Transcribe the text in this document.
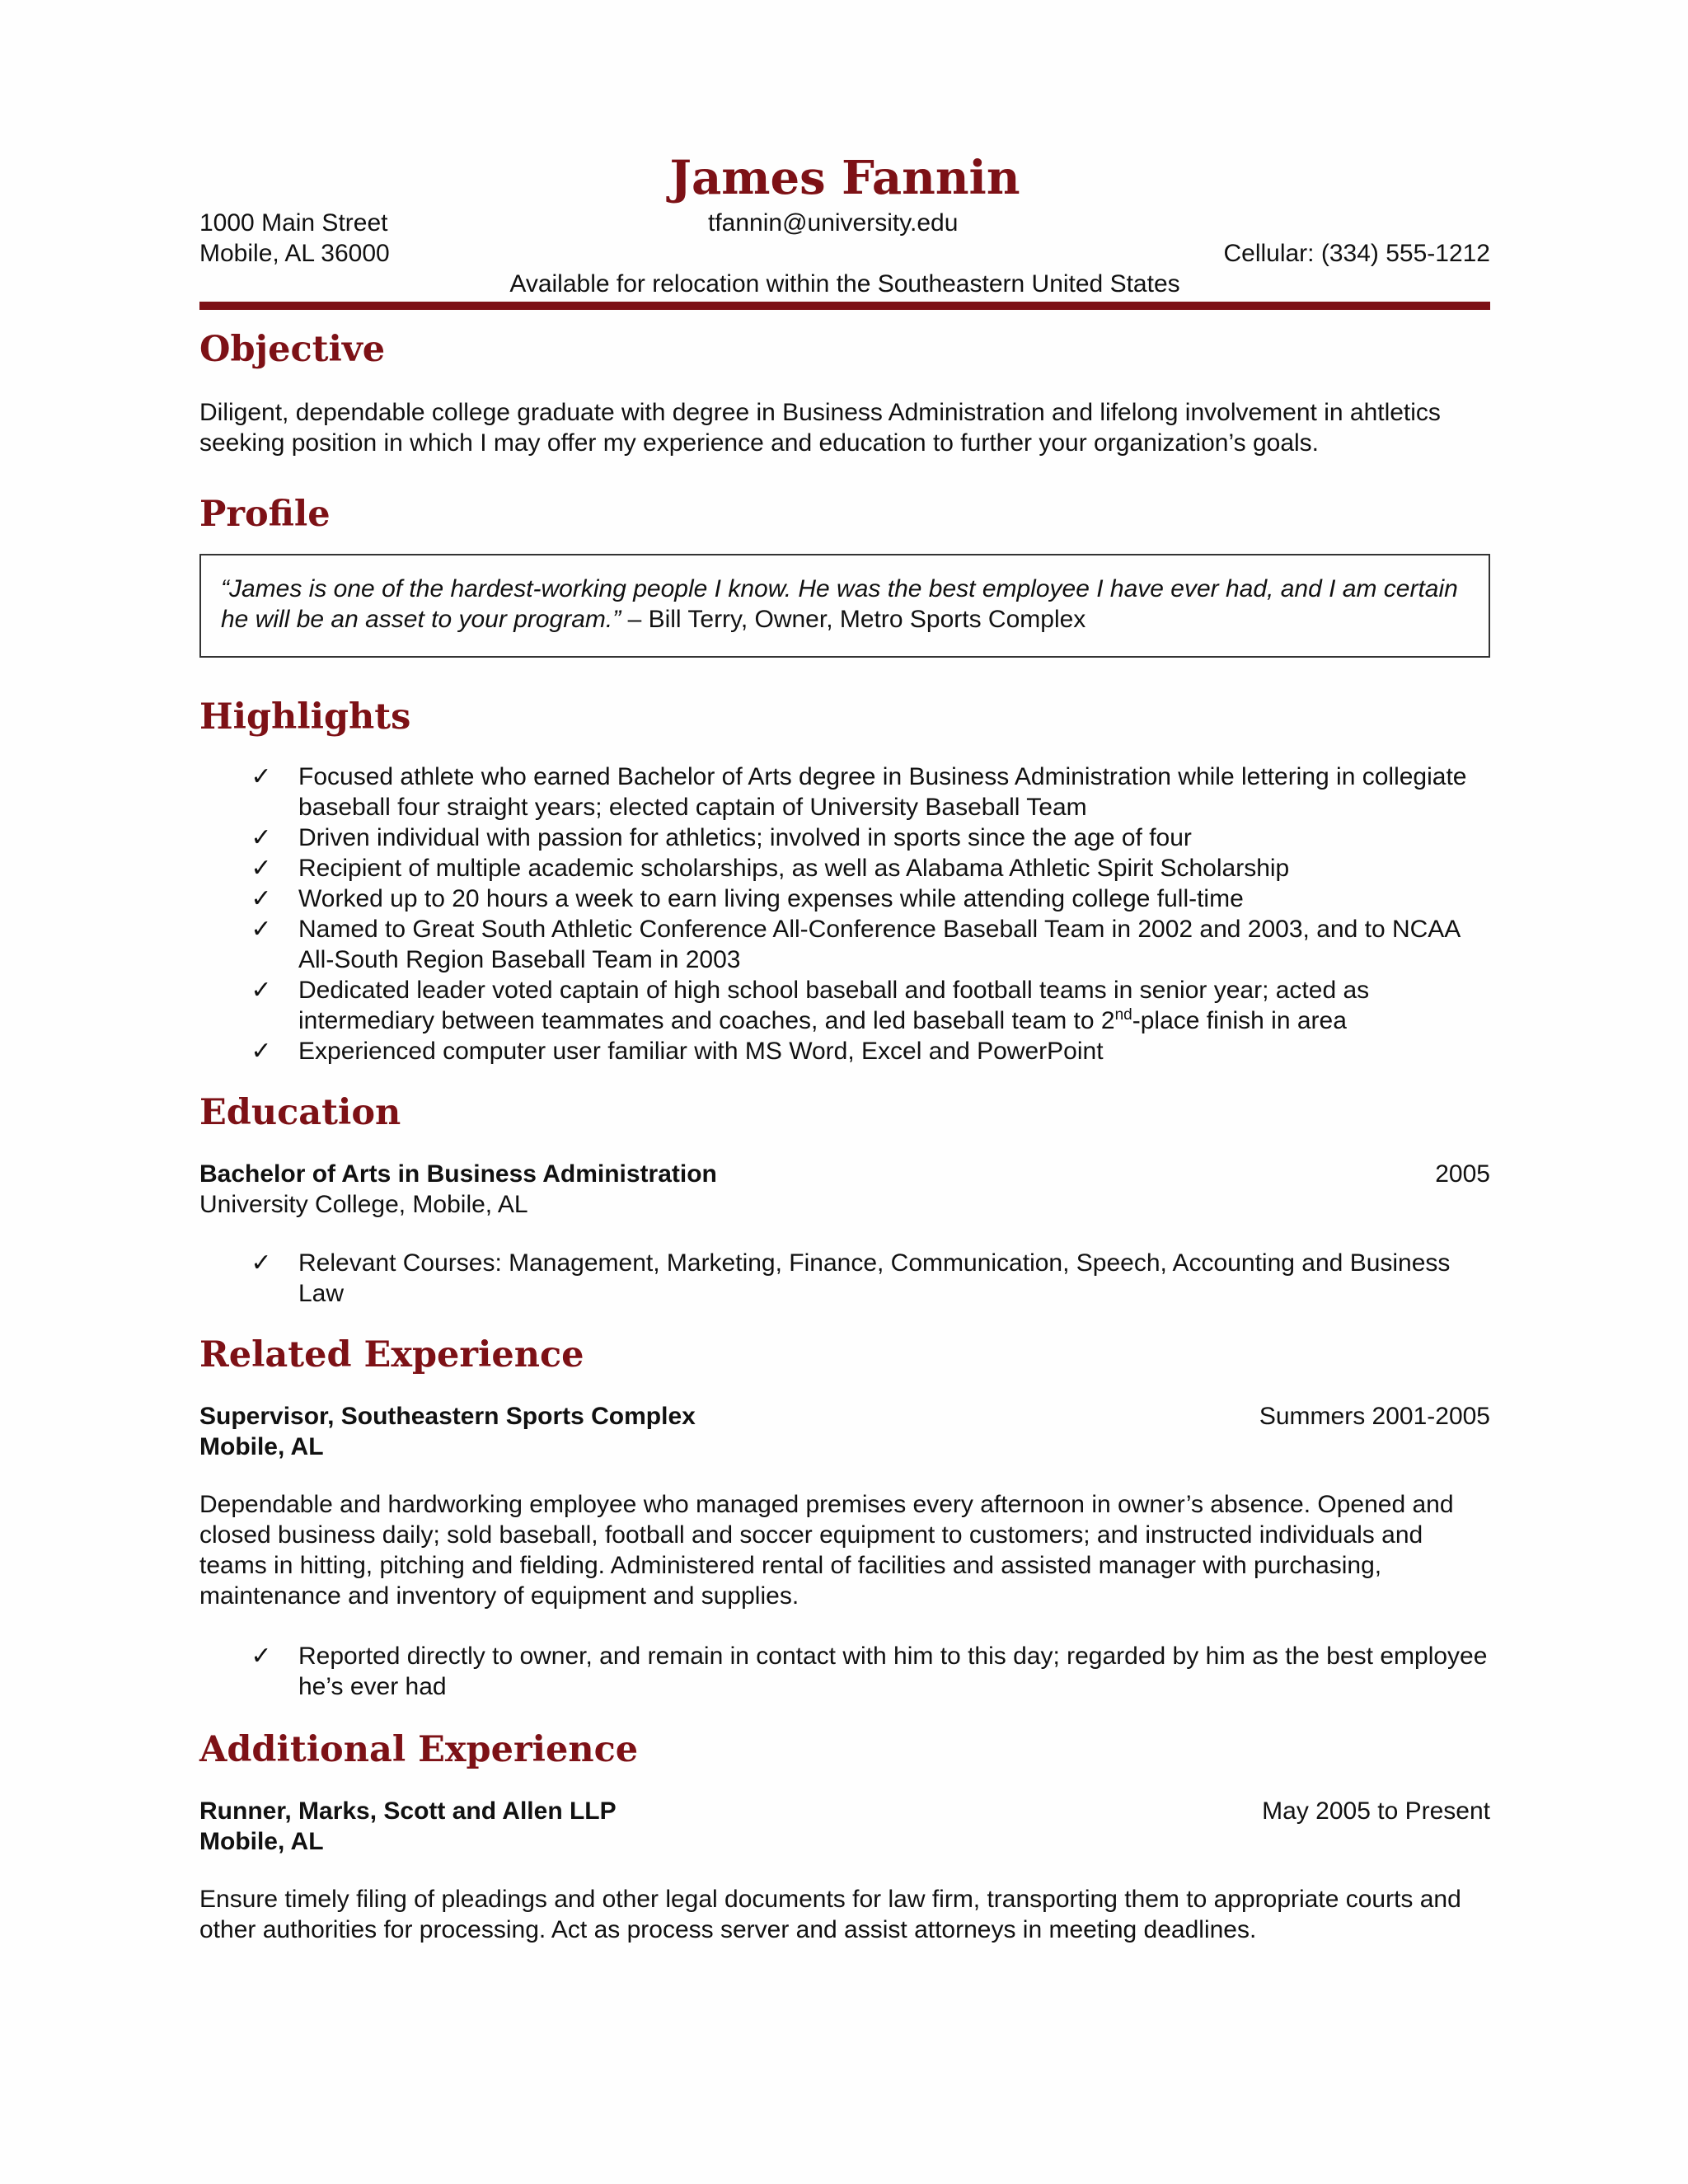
James Fannin
1000 Main Street	tfannin@university.edu
Mobile, AL 36000	Cellular: (334) 555-1212
Available for relocation within the Southeastern United States
Objective

Diligent, dependable college graduate with degree in Business Administration and lifelong involvement in ahtletics seeking position in which I may offer my experience and education to further your organization’s goals.

Profile
“James is one of the hardest-working people I know. He was the best employee I have ever had, and I am certain he will be an asset to your program.” – Bill Terry, Owner, Metro Sports Complex
Highlights
✓ Focused athlete who earned Bachelor of Arts degree in Business Administration while lettering in collegiate baseball four straight years; elected captain of University Baseball Team
✓ Driven individual with passion for athletics; involved in sports since the age of four
✓ Recipient of multiple academic scholarships, as well as Alabama Athletic Spirit Scholarship
✓ Worked up to 20 hours a week to earn living expenses while attending college full-time
✓ Named to Great South Athletic Conference All-Conference Baseball Team in 2002 and 2003, and to NCAA All-South Region Baseball Team in 2003
✓ Dedicated leader voted captain of high school baseball and football teams in senior year; acted as intermediary between teammates and coaches, and led baseball team to 2nd-place finish in area
✓ Experienced computer user familiar with MS Word, Excel and PowerPoint
Education
Bachelor of Arts in Business Administration	2005

University College, Mobile, AL

✓ Relevant Courses: Management, Marketing, Finance, Communication, Speech, Accounting and Business Law
Related Experience
Supervisor, Southeastern Sports Complex	Summers 2001-2005

Mobile, AL

Dependable and hardworking employee who managed premises every afternoon in owner’s absence. Opened and closed business daily; sold baseball, football and soccer equipment to customers; and instructed individuals and teams in hitting, pitching and fielding. Administered rental of facilities and assisted manager with purchasing, maintenance and inventory of equipment and supplies.

✓ Reported directly to owner, and remain in contact with him to this day; regarded by him as the best employee he’s ever had
Additional Experience
Runner, Marks, Scott and Allen LLP	May 2005 to Present

Mobile, AL

Ensure timely filing of pleadings and other legal documents for law firm, transporting them to appropriate courts and other authorities for processing. Act as process server and assist attorneys in meeting deadlines.
